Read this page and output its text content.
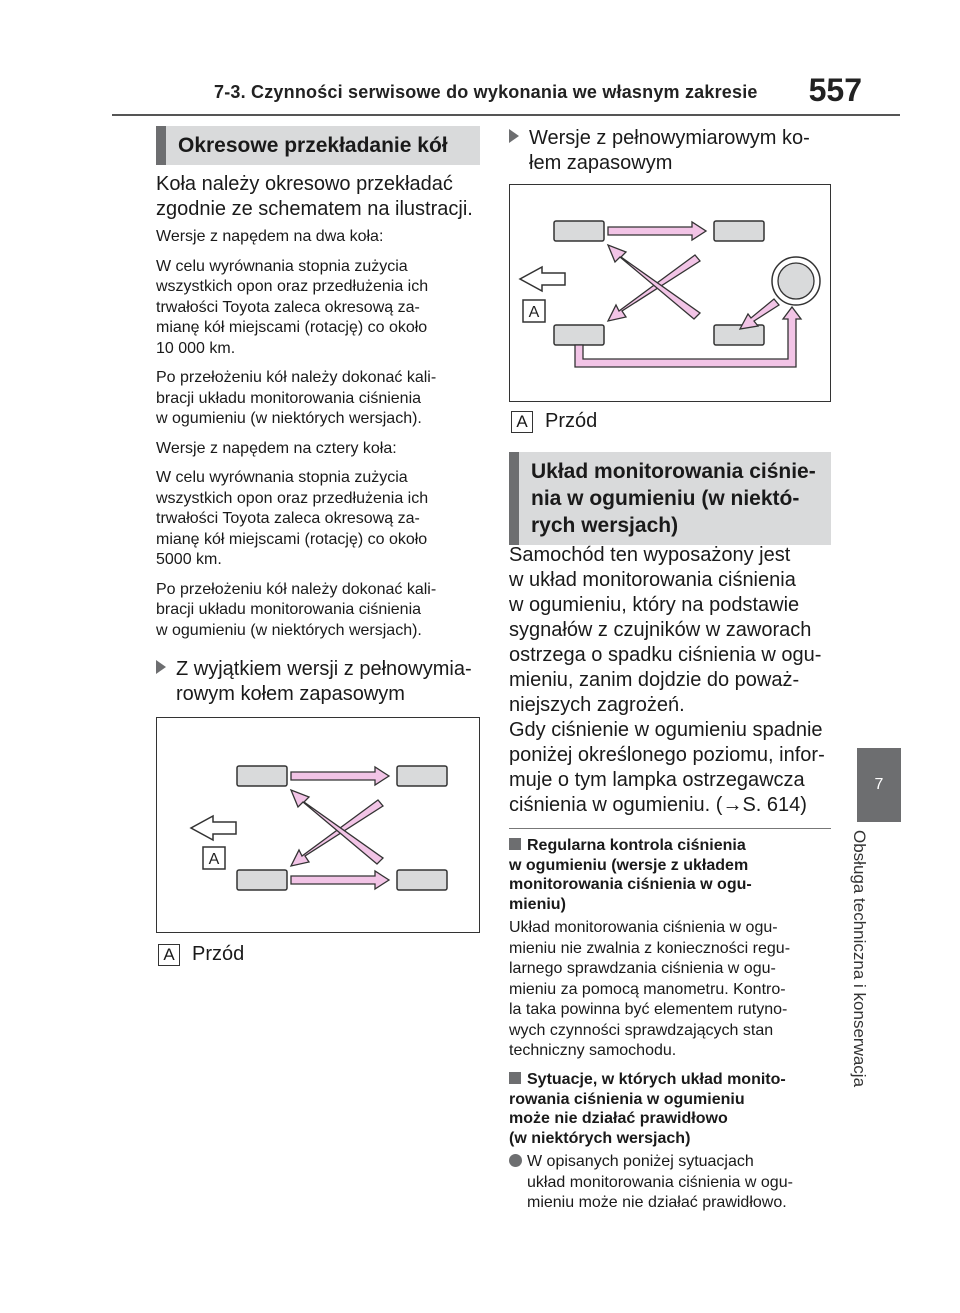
7-3. Czynności serwisowe do wykonania we własnym zakresie	557
7
Obsługa techniczna i konserwacja
Okresowe przekładanie kół
Koła należy okresowo przekładać
zgodnie ze schematem na ilustracji.
Wersje z napędem na dwa koła:
W celu wyrównania stopnia zużycia
wszystkich opon oraz przedłużenia ich
trwałości Toyota zaleca okresową za-
mianę kół miejscami (rotację) co około
10 000 km.
Po przełożeniu kół należy dokonać kali-
bracji układu monitorowania ciśnienia
w ogumieniu (w niektórych wersjach).
Wersje z napędem na cztery koła:
W celu wyrównania stopnia zużycia
wszystkich opon oraz przedłużenia ich
trwałości Toyota zaleca okresową za-
mianę kół miejscami (rotację) co około
5000 km.
Po przełożeniu kół należy dokonać kali-
bracji układu monitorowania ciśnienia
w ogumieniu (w niektórych wersjach).
Z wyjątkiem wersji z pełnowymia-
rowym kołem zapasowym
A
A Przód
Wersje z pełnowymiarowym ko-
łem zapasowym
A
A Przód
Układ monitorowania ciśnie-
nia w ogumieniu (w niektó-
rych wersjach)
Samochód ten wyposażony jest
w układ monitorowania ciśnienia
w ogumieniu, który na podstawie
sygnałów z czujników w zaworach
ostrzega o spadku ciśnienia w ogu-
mieniu, zanim dojdzie do poważ-
niejszych zagrożeń.
Gdy ciśnienie w ogumieniu spadnie
poniżej określonego poziomu, infor-
muje o tym lampka ostrzegawcza
ciśnienia w ogumieniu. (→S. 614)
Regularna kontrola ciśnienia
w ogumieniu (wersje z układem
monitorowania ciśnienia w ogu-
mieniu)
Układ monitorowania ciśnienia w ogu-
mieniu nie zwalnia z konieczności regu-
larnego sprawdzania ciśnienia w ogu-
mieniu za pomocą manometru. Kontro-
la taka powinna być elementem rutyno-
wych czynności sprawdzających stan
techniczny samochodu.
Sytuacje, w których układ monito-
rowania ciśnienia w ogumieniu
może nie działać prawidłowo
(w niektórych wersjach)
W opisanych poniżej sytuacjach
układ monitorowania ciśnienia w ogu-
mieniu może nie działać prawidłowo.
